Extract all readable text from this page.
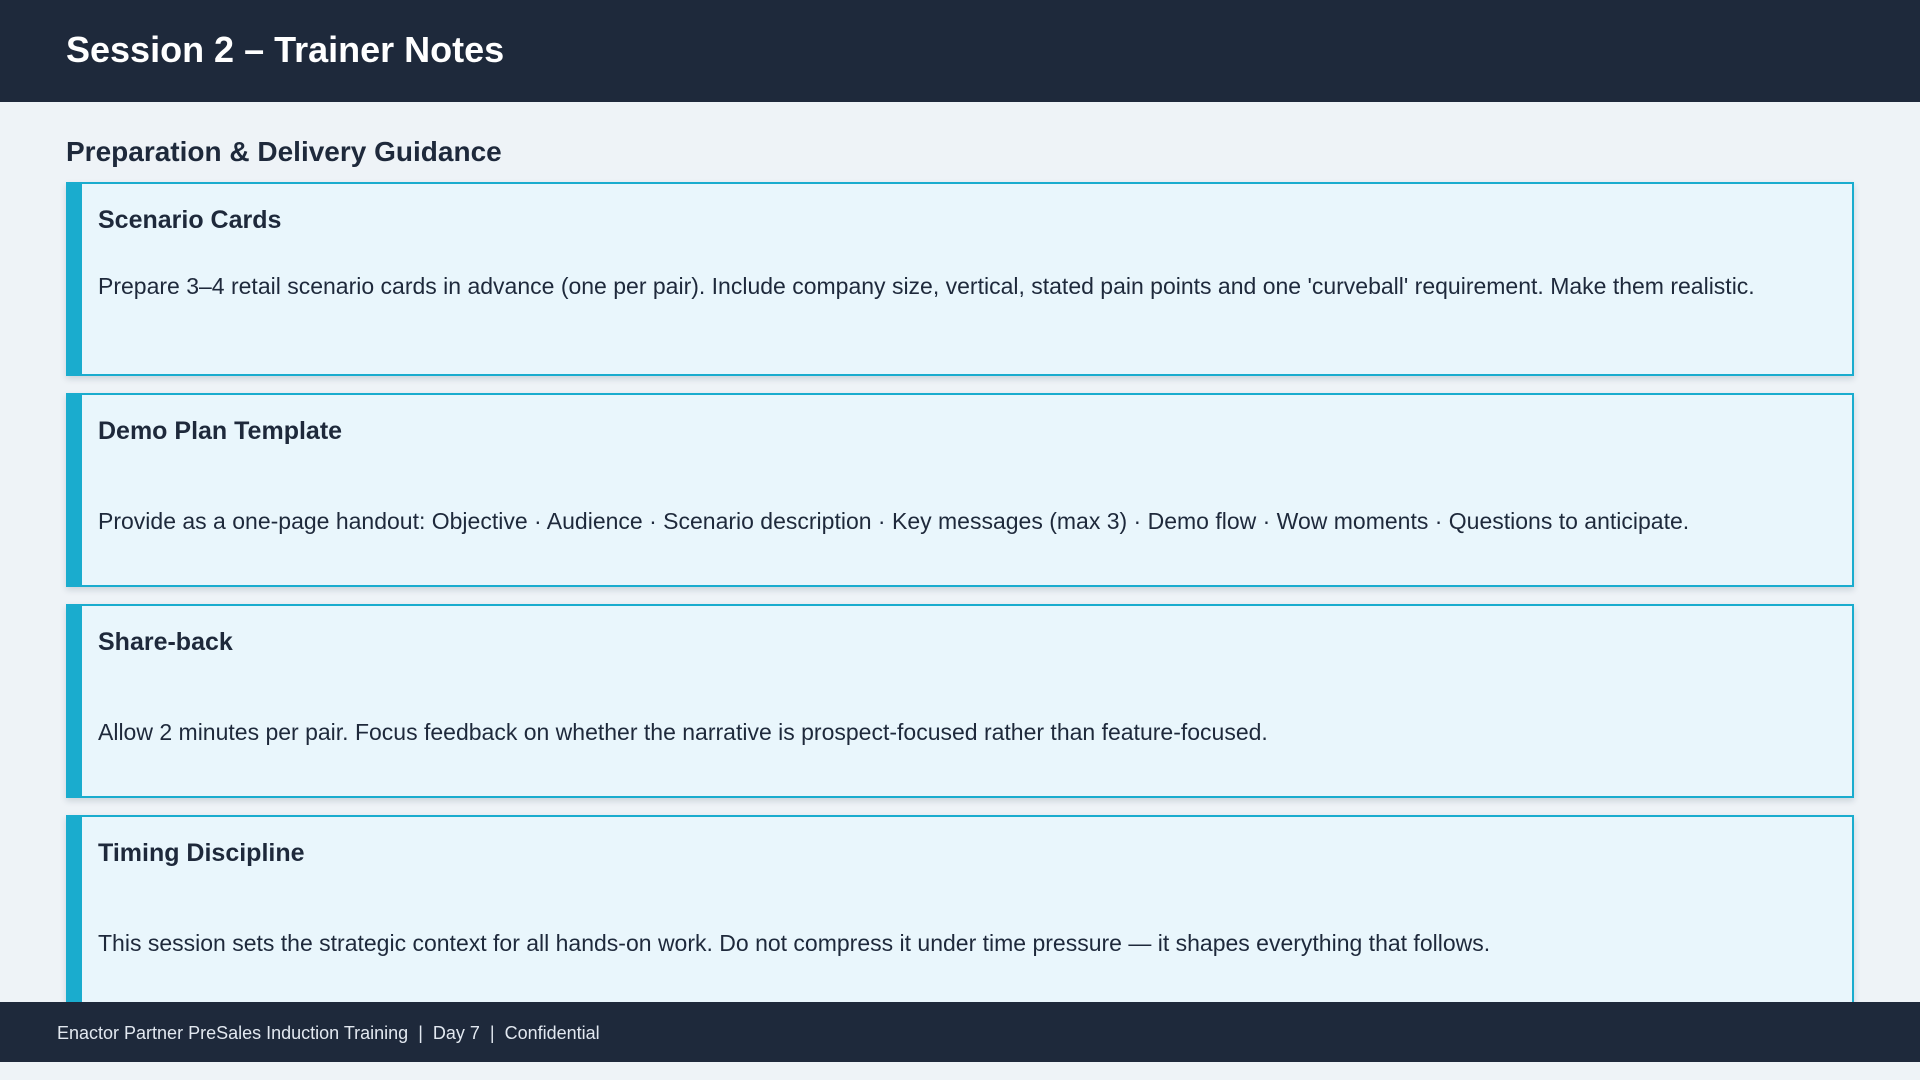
Session 2 – Trainer Notes
Preparation & Delivery Guidance
Scenario Cards
Prepare 3–4 retail scenario cards in advance (one per pair). Include company size, vertical, stated pain points and one 'curveball' requirement. Make them realistic.
Demo Plan Template
Provide as a one-page handout: Objective · Audience · Scenario description · Key messages (max 3) · Demo flow · Wow moments · Questions to anticipate.
Share-back
Allow 2 minutes per pair. Focus feedback on whether the narrative is prospect-focused rather than feature-focused.
Timing Discipline
This session sets the strategic context for all hands-on work. Do not compress it under time pressure — it shapes everything that follows.
Enactor Partner PreSales Induction Training  |  Day 7  |  Confidential
